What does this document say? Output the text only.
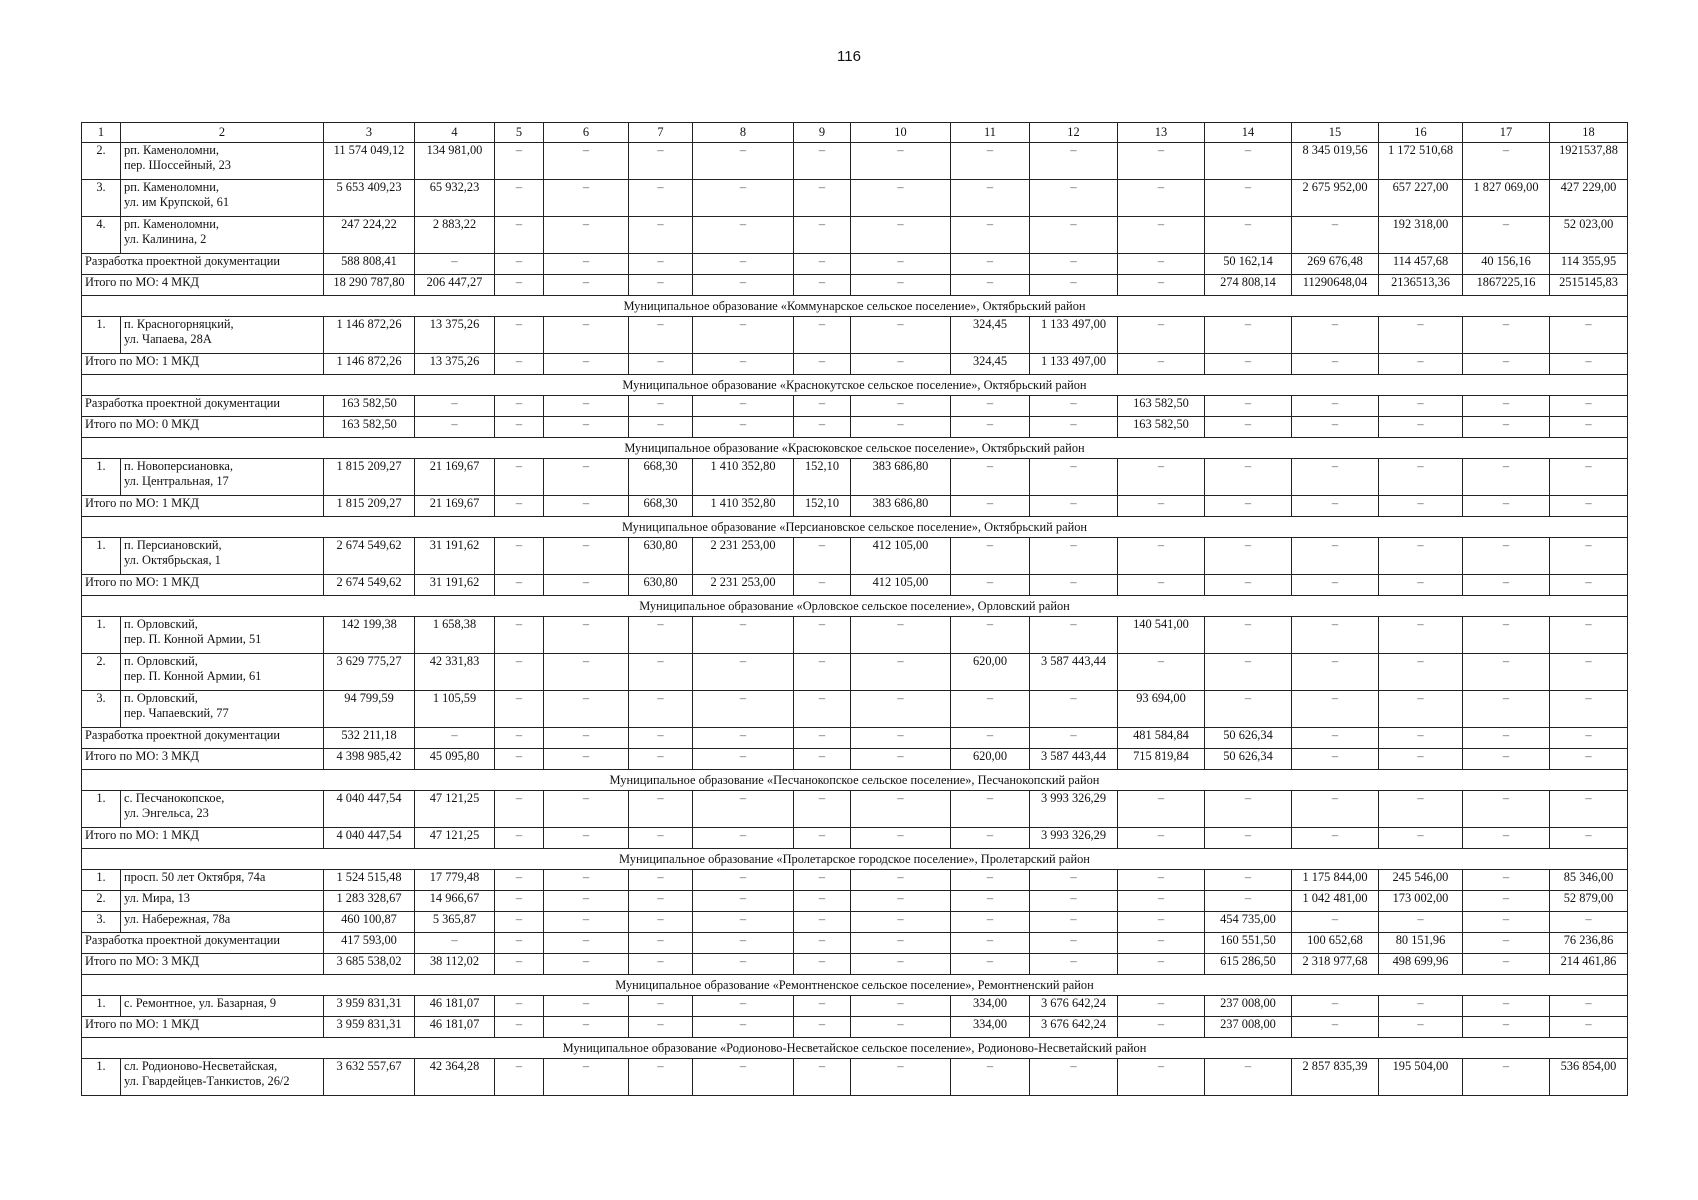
116
1	2	3	4	5	6	7	8	9	10	11	12	13	14	15	16	17	18
2.	рп. Каменоломни,
пер. Шоссейный, 23	11 574 049,12	134 981,00	–	–	–	–	–	–	–	–	–	–	8 345 019,56	1 172 510,68	–	1921537,88
3.	рп. Каменоломни,
ул. им Крупской, 61	5 653 409,23	65 932,23	–	–	–	–	–	–	–	–	–	–	2 675 952,00	657 227,00	1 827 069,00	427 229,00
4.	рп. Каменоломни,
ул. Калинина, 2	247 224,22	2 883,22	–	–	–	–	–	–	–	–	–	–	–	192 318,00	–	52 023,00
Разработка проектной документации		588 808,41	–	–	–	–	–	–	–	–	–	–	50 162,14	269 676,48	114 457,68	40 156,16	114 355,95
Итого по МО: 4 МКД		18 290 787,80	206 447,27	–	–	–	–	–	–	–	–	–	274 808,14	11290648,04	2136513,36	1867225,16	2515145,83
Муниципальное образование «Коммунарское сельское поселение», Октябрьский район																	
1.	п. Красногорняцкий,
ул. Чапаева, 28А	1 146 872,26	13 375,26	–	–	–	–	–	–	324,45	1 133 497,00	–	–	–	–	–	–
Итого по МО: 1 МКД		1 146 872,26	13 375,26	–	–	–	–	–	–	324,45	1 133 497,00	–	–	–	–	–	–
Муниципальное образование «Краснокутское сельское поселение», Октябрьский район																	
Разработка проектной документации		163 582,50	–	–	–	–	–	–	–	–	–	163 582,50	–	–	–	–	–
Итого по МО: 0 МКД		163 582,50	–	–	–	–	–	–	–	–	–	163 582,50	–	–	–	–	–
Муниципальное образование «Красюковское сельское поселение», Октябрьский район																	
1.	п. Новоперсиановка,
ул. Центральная, 17	1 815 209,27	21 169,67	–	–	668,30	1 410 352,80	152,10	383 686,80	–	–	–	–	–	–	–	–
Итого по МО: 1 МКД		1 815 209,27	21 169,67	–	–	668,30	1 410 352,80	152,10	383 686,80	–	–	–	–	–	–	–	–
Муниципальное образование «Персиановское сельское поселение», Октябрьский район																	
1.	п. Персиановский,
ул. Октябрьская, 1	2 674 549,62	31 191,62	–	–	630,80	2 231 253,00	–	412 105,00	–	–	–	–	–	–	–	–
Итого по МО: 1 МКД		2 674 549,62	31 191,62	–	–	630,80	2 231 253,00	–	412 105,00	–	–	–	–	–	–	–	–
Муниципальное образование «Орловское сельское поселение», Орловский район																	
1.	п. Орловский,
пер. П. Конной Армии, 51	142 199,38	1 658,38	–	–	–	–	–	–	–	–	140 541,00	–	–	–	–	–
2.	п. Орловский,
пер. П. Конной Армии, 61	3 629 775,27	42 331,83	–	–	–	–	–	–	620,00	3 587 443,44	–	–	–	–	–	–
3.	п. Орловский,
пер. Чапаевский, 77	94 799,59	1 105,59	–	–	–	–	–	–	–	–	93 694,00	–	–	–	–	–
Разработка проектной документации		532 211,18	–	–	–	–	–	–	–	–	–	481 584,84	50 626,34	–	–	–	–
Итого по МО: 3 МКД		4 398 985,42	45 095,80	–	–	–	–	–	–	620,00	3 587 443,44	715 819,84	50 626,34	–	–	–	–
Муниципальное образование «Песчанокопское сельское поселение», Песчанокопский район																	
1.	с. Песчанокопское,
ул. Энгельса, 23	4 040 447,54	47 121,25	–	–	–	–	–	–	–	3 993 326,29	–	–	–	–	–	–
Итого по МО: 1 МКД		4 040 447,54	47 121,25	–	–	–	–	–	–	–	3 993 326,29	–	–	–	–	–	–
Муниципальное образование «Пролетарское городское поселение», Пролетарский район																	
1.	просп. 50 лет Октября, 74а	1 524 515,48	17 779,48	–	–	–	–	–	–	–	–	–	–	1 175 844,00	245 546,00	–	85 346,00
2.	ул. Мира, 13	1 283 328,67	14 966,67	–	–	–	–	–	–	–	–	–	–	1 042 481,00	173 002,00	–	52 879,00
3.	ул. Набережная, 78а	460 100,87	5 365,87	–	–	–	–	–	–	–	–	–	454 735,00	–	–	–	–
Разработка проектной документации		417 593,00	–	–	–	–	–	–	–	–	–	–	160 551,50	100 652,68	80 151,96	–	76 236,86
Итого по МО: 3 МКД		3 685 538,02	38 112,02	–	–	–	–	–	–	–	–	–	615 286,50	2 318 977,68	498 699,96	–	214 461,86
Муниципальное образование «Ремонтненское сельское поселение», Ремонтненский район																	
1.	с. Ремонтное, ул. Базарная, 9	3 959 831,31	46 181,07	–	–	–	–	–	–	334,00	3 676 642,24	–	237 008,00	–	–	–	–
Итого по МО: 1 МКД		3 959 831,31	46 181,07	–	–	–	–	–	–	334,00	3 676 642,24	–	237 008,00	–	–	–	–
Муниципальное образование «Родионово-Несветайское сельское поселение», Родионово-Несветайский район																	
1.	сл. Родионово-Несветайская,
ул. Гвардейцев-Танкистов, 26/2	3 632 557,67	42 364,28	–	–	–	–	–	–	–	–	–	–	2 857 835,39	195 504,00	–	536 854,00
